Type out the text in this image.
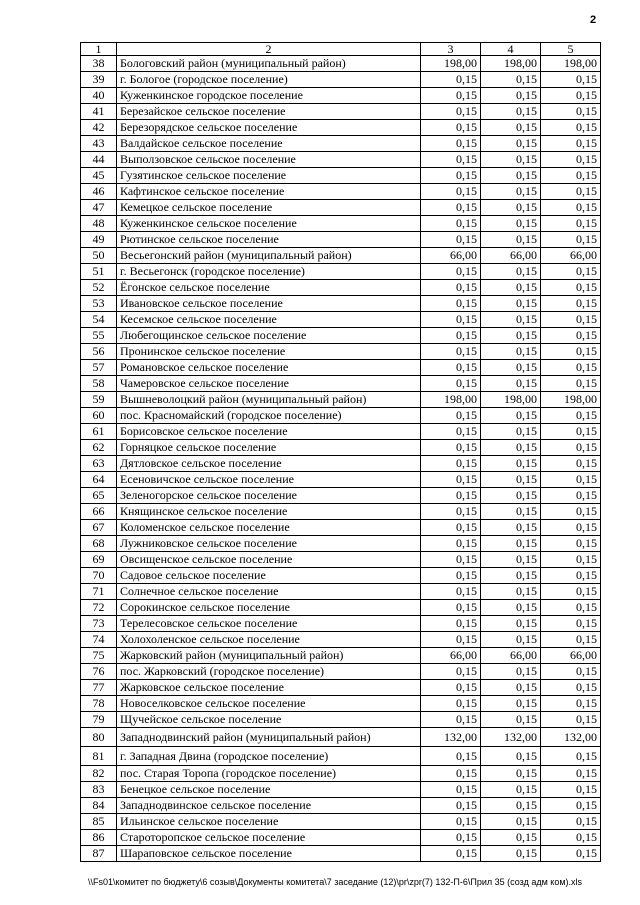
2
1	2	3	4	5
38	Бологовский район (муниципальный район)	198,00	198,00	198,00
39	г. Бологое (городское поселение)	0,15	0,15	0,15
40	Куженкинское городское поселение	0,15	0,15	0,15
41	Березайское сельское поселение	0,15	0,15	0,15
42	Березорядское сельское поселение	0,15	0,15	0,15
43	Валдайское сельское поселение	0,15	0,15	0,15
44	Выползовское сельское поселение	0,15	0,15	0,15
45	Гузятинское сельское поселение	0,15	0,15	0,15
46	Кафтинское сельское поселение	0,15	0,15	0,15
47	Кемецкое сельское поселение	0,15	0,15	0,15
48	Куженкинское сельское поселение	0,15	0,15	0,15
49	Рютинское сельское поселение	0,15	0,15	0,15
50	Весьегонский район (муниципальный район)	66,00	66,00	66,00
51	г. Весьегонск (городское поселение)	0,15	0,15	0,15
52	Ёгонское сельское поселение	0,15	0,15	0,15
53	Ивановское сельское поселение	0,15	0,15	0,15
54	Кесемское сельское поселение	0,15	0,15	0,15
55	Любегощинское сельское поселение	0,15	0,15	0,15
56	Пронинское сельское поселение	0,15	0,15	0,15
57	Романовское сельское поселение	0,15	0,15	0,15
58	Чамеровское сельское поселение	0,15	0,15	0,15
59	Вышневолоцкий район (муниципальный район)	198,00	198,00	198,00
60	пос. Красномайский (городское поселение)	0,15	0,15	0,15
61	Борисовское сельское поселение	0,15	0,15	0,15
62	Горняцкое сельское поселение	0,15	0,15	0,15
63	Дятловское сельское поселение	0,15	0,15	0,15
64	Есеновичское сельское поселение	0,15	0,15	0,15
65	Зеленогорское сельское поселение	0,15	0,15	0,15
66	Княщинское сельское поселение	0,15	0,15	0,15
67	Коломенское сельское поселение	0,15	0,15	0,15
68	Лужниковское сельское поселение	0,15	0,15	0,15
69	Овсищенское сельское поселение	0,15	0,15	0,15
70	Садовое сельское поселение	0,15	0,15	0,15
71	Солнечное сельское поселение	0,15	0,15	0,15
72	Сорокинское сельское поселение	0,15	0,15	0,15
73	Терелесовское сельское поселение	0,15	0,15	0,15
74	Холохоленское сельское поселение	0,15	0,15	0,15
75	Жарковский район (муниципальный район)	66,00	66,00	66,00
76	пос. Жарковский (городское поселение)	0,15	0,15	0,15
77	Жарковское сельское поселение	0,15	0,15	0,15
78	Новоселковское сельское поселение	0,15	0,15	0,15
79	Щучейское сельское поселение	0,15	0,15	0,15
80	Западнодвинский район (муниципальный район)	132,00	132,00	132,00
81	г. Западная Двина (городское поселение)	0,15	0,15	0,15
82	пос. Старая Торопа (городское поселение)	0,15	0,15	0,15
83	Бенецкое сельское поселение	0,15	0,15	0,15
84	Западнодвинское сельское поселение	0,15	0,15	0,15
85	Ильинское сельское поселение	0,15	0,15	0,15
86	Староторопское сельское поселение	0,15	0,15	0,15
87	Шараповское сельское поселение	0,15	0,15	0,15
\\Fs01\комитет по бюджету\6 созыв\Документы комитета\7 заседание (12)\pr\zpr(7) 132-П-6\Прил 35 (созд адм ком).xls
